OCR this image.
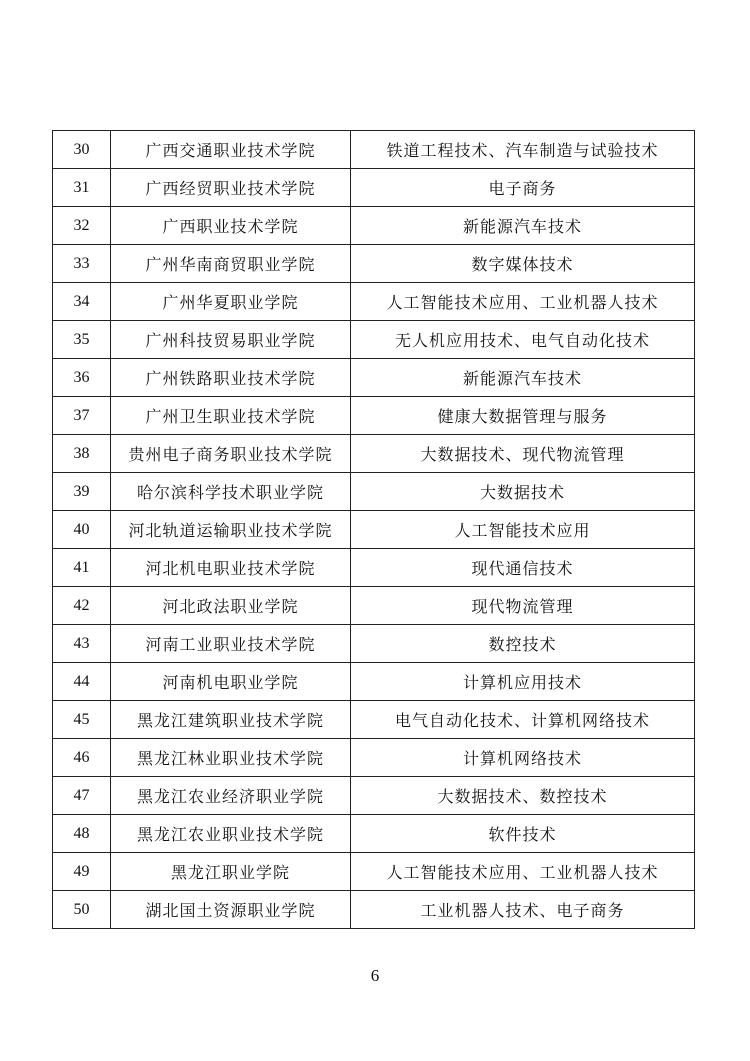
30	广西交通职业技术学院	铁道工程技术、汽车制造与试验技术
31	广西经贸职业技术学院	电子商务
32	广西职业技术学院	新能源汽车技术
33	广州华南商贸职业学院	数字媒体技术
34	广州华夏职业学院	人工智能技术应用、工业机器人技术
35	广州科技贸易职业学院	无人机应用技术、电气自动化技术
36	广州铁路职业技术学院	新能源汽车技术
37	广州卫生职业技术学院	健康大数据管理与服务
38	贵州电子商务职业技术学院	大数据技术、现代物流管理
39	哈尔滨科学技术职业学院	大数据技术
40	河北轨道运输职业技术学院	人工智能技术应用
41	河北机电职业技术学院	现代通信技术
42	河北政法职业学院	现代物流管理
43	河南工业职业技术学院	数控技术
44	河南机电职业学院	计算机应用技术
45	黑龙江建筑职业技术学院	电气自动化技术、计算机网络技术
46	黑龙江林业职业技术学院	计算机网络技术
47	黑龙江农业经济职业学院	大数据技术、数控技术
48	黑龙江农业职业技术学院	软件技术
49	黑龙江职业学院	人工智能技术应用、工业机器人技术
50	湖北国土资源职业学院	工业机器人技术、电子商务
6
